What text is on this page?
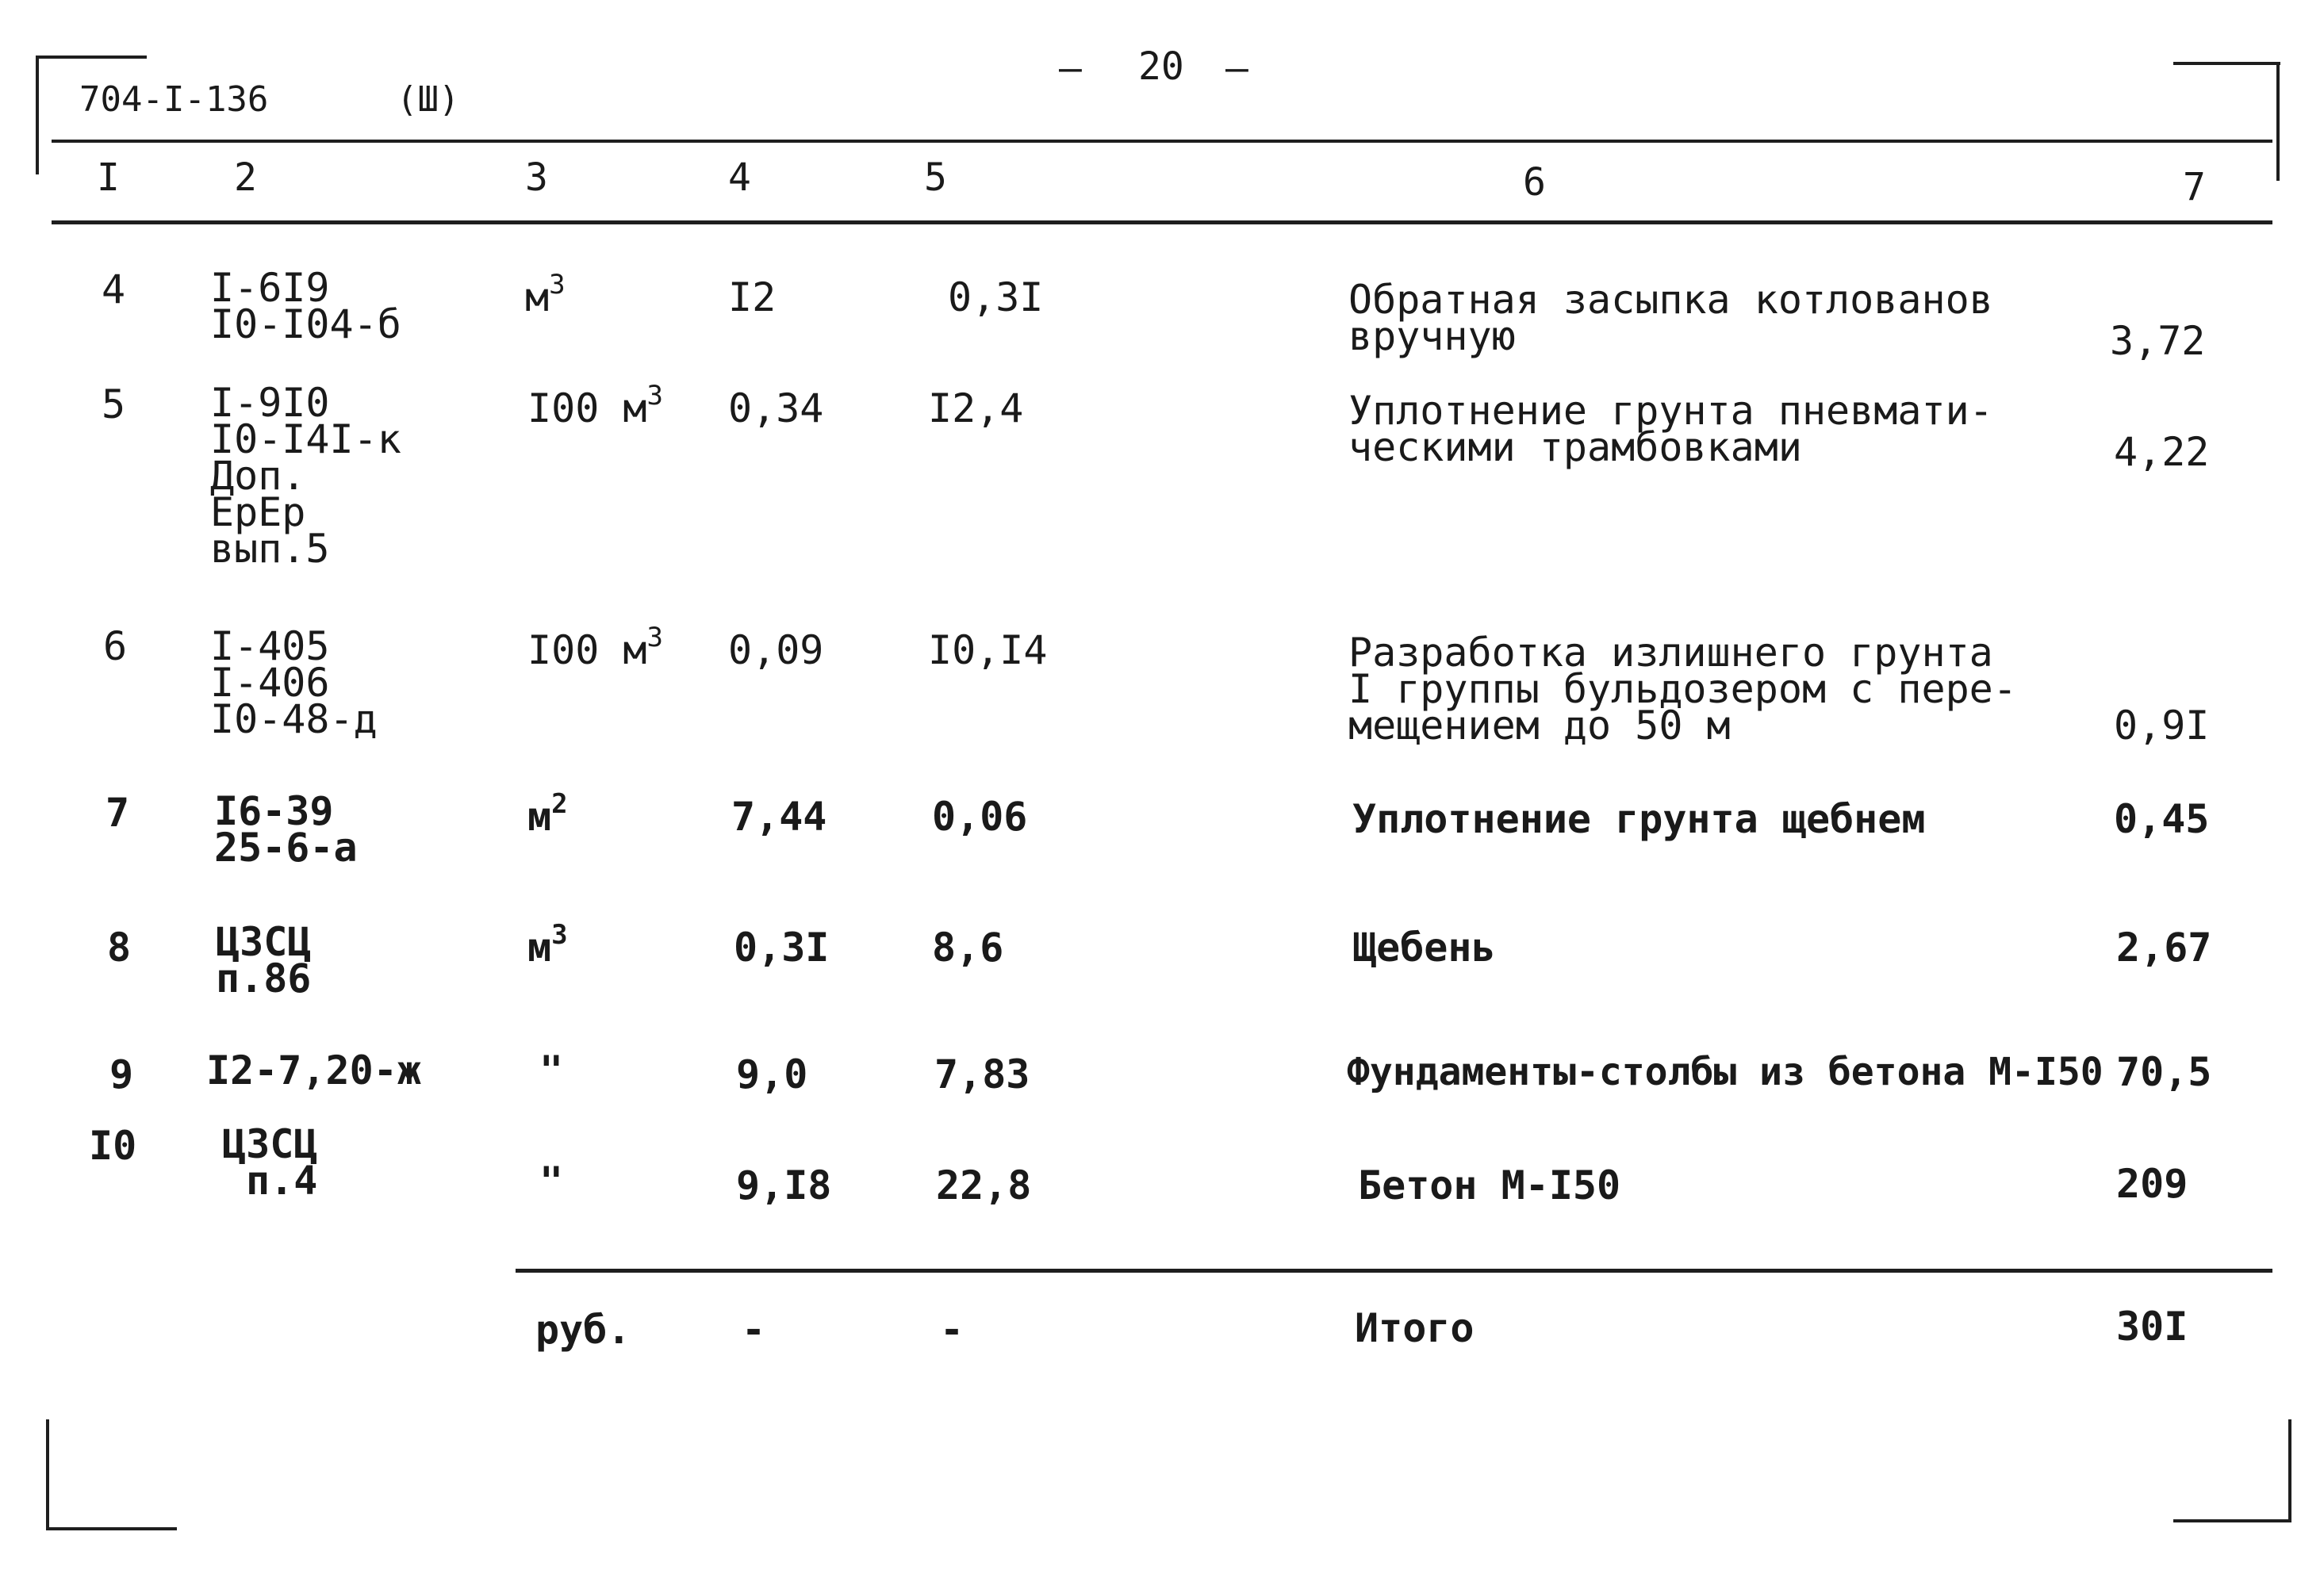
— 20 —
704-I-136	(Ш)
I	2	3	4	5	6	7
4 I-6I9
I0-I04-б
$м^3$	I2	0,3I	Обратная засыпка котлованов
вручную	3,72
5 I-9I0
I0-I4I-к
Доп.
ЕрЕр
вып.5
I00 $м^3$ 0,34	I2,4	Уплотнение грунта пневмати-
ческими трамбовками	4,22
6 I-405
I-406
I0-48-д
I00 $м^3$ 0,09	I0,I4	Разработка излишнего грунта
I группы бульдозером с пере-
мещением до 50 м	0,9I
7 I6-39
25-6-а
$м^2$	7,44	0,06	Уплотнение грунта щебнем	0,45
8 ЦЗСЦ
п.86
$м^3$	0,3I	8,6	Щебень	2,67
9 I2-7,20-ж	"	9,0	7,83	Фундаменты-столбы из бетона М-I50 70,5
I0 ЦЗСЦ
п.4	"	9,I8	22,8	Бетон М-I50	209
руб.	-	-	Итого	30I
